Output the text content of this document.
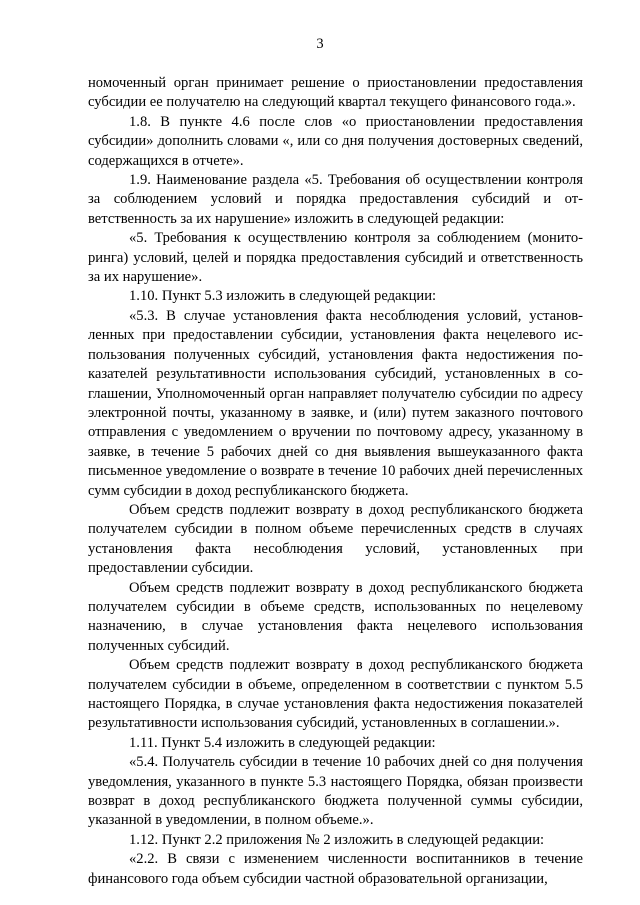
3

номоченный орган принимает решение о приостановлении предоставления субсидии ее получателю на следующий квартал текущего финансового года.».

1.8. В пункте 4.6 после слов «о приостановлении предоставления субсидии» дополнить словами «, или со дня получения достоверных сведений, содержащихся в отчете».

1.9. Наименование раздела «5. Требования об осуществлении контроля за соблюдением условий и порядка предоставления субсидий и ответственность за их нарушение» изложить в следующей редакции:

«5. Требования к осуществлению контроля за соблюдением (мониторинга) условий, целей и порядка предоставления субсидий и ответственность за их нарушение».

1.10. Пункт 5.3 изложить в следующей редакции:

«5.3. В случае установления факта несоблюдения условий, установленных при предоставлении субсидии, установления факта нецелевого использования полученных субсидий, установления факта недостижения показателей результативности использования субсидий, установленных в соглашении, Уполномоченный орган направляет получателю субсидии по адресу электронной почты, указанному в заявке, и (или) путем заказного почтового отправления с уведомлением о вручении по почтовому адресу, указанному в заявке, в течение 5 рабочих дней со дня выявления вышеуказанного факта письменное уведомление о возврате в течение 10 рабочих дней перечисленных сумм субсидии в доход республиканского бюджета.

Объем средств подлежит возврату в доход республиканского бюджета получателем субсидии в полном объеме перечисленных средств в случаях установления факта несоблюдения условий, установленных при предоставлении субсидии.

Объем средств подлежит возврату в доход республиканского бюджета получателем субсидии в объеме средств, использованных по нецелевому назначению, в случае установления факта нецелевого использования полученных субсидий.

Объем средств подлежит возврату в доход республиканского бюджета получателем субсидии в объеме, определенном в соответствии с пунктом 5.5 настоящего Порядка, в случае установления факта недостижения показателей результативности использования субсидий, установленных в соглашении.».

1.11. Пункт 5.4 изложить в следующей редакции:

«5.4. Получатель субсидии в течение 10 рабочих дней со дня получения уведомления, указанного в пункте 5.3 настоящего Порядка, обязан произвести возврат в доход республиканского бюджета полученной суммы субсидии, указанной в уведомлении, в полном объеме.».

1.12. Пункт 2.2 приложения № 2 изложить в следующей редакции:

«2.2. В связи с изменением численности воспитанников в течение финансового года объем субсидии частной образовательной организации,
